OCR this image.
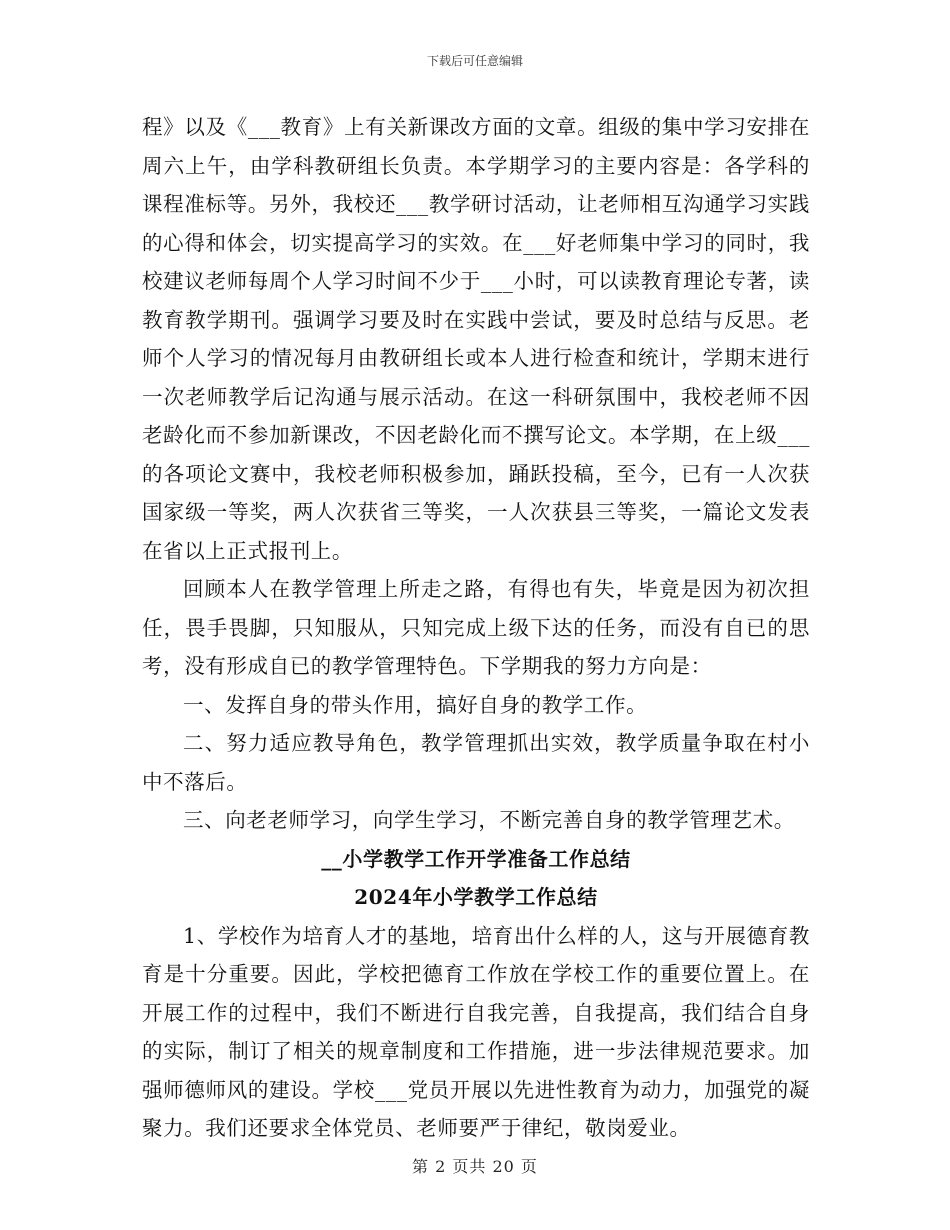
下载后可任意编辑

程》以及《___教育》上有关新课改方面的文章。组级的集中学习安排在周六上午，由学科教研组长负责。本学期学习的主要内容是：各学科的课程准标等。另外，我校还___教学研讨活动，让老师相互沟通学习实践的心得和体会，切实提高学习的实效。在___好老师集中学习的同时，我校建议老师每周个人学习时间不少于___小时，可以读教育理论专著，读教育教学期刊。强调学习要及时在实践中尝试，要及时总结与反思。老师个人学习的情况每月由教研组长或本人进行检查和统计，学期末进行一次老师教学后记沟通与展示活动。在这一科研氛围中，我校老师不因老龄化而不参加新课改，不因老龄化而不撰写论文。本学期，在上级___的各项论文赛中，我校老师积极参加，踊跃投稿，至今，已有一人次获国家级一等奖，两人次获省三等奖，一人次获县三等奖，一篇论文发表在省以上正式报刊上。

回顾本人在教学管理上所走之路，有得也有失，毕竟是因为初次担任，畏手畏脚，只知服从，只知完成上级下达的任务，而没有自已的思考，没有形成自已的教学管理特色。下学期我的努力方向是：

一、发挥自身的带头作用，搞好自身的教学工作。

二、努力适应教导角色，教学管理抓出实效，教学质量争取在村小中不落后。

三、向老老师学习，向学生学习，不断完善自身的教学管理艺术。

__小学教学工作开学准备工作总结

2024年小学教学工作总结

1、学校作为培育人才的基地，培育出什么样的人，这与开展德育教育是十分重要。因此，学校把德育工作放在学校工作的重要位置上。在开展工作的过程中，我们不断进行自我完善，自我提高，我们结合自身的实际，制订了相关的规章制度和工作措施，进一步法律规范要求。加强师德师风的建设。学校___党员开展以先进性教育为动力，加强党的凝聚力。我们还要求全体党员、老师要严于律纪，敬岗爱业。

第 2 页共 20 页
